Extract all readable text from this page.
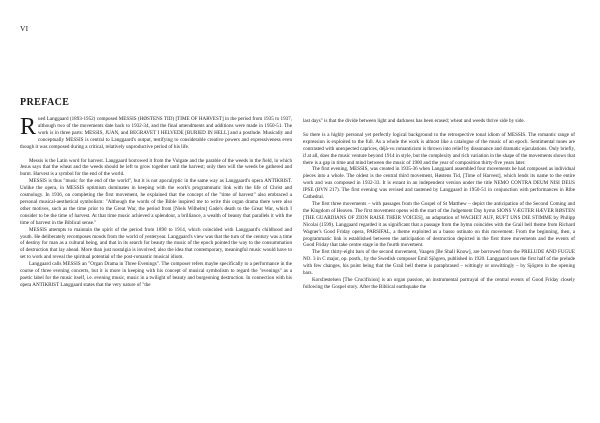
VI
PREFACE

Rued Langgaard (1893-1952) composed MESSIS (HØSTENS TID) [TIME OF HARVEST] in the period from 1935 to 1937, although two of the movements date back to 1932-34, and the final amendments and additions were made in 1950-51. The work is in three parts: MESSIS, JUAN, and BEGRAVET I HELVEDE [BURIED IN HELL] and a postlude. Musically and conceptually MESSIS is central to Langgaard's output, testifying to considerable creative powers and expressiveness even though it was composed during a critical, relatively unproductive period of his life.

Messis is the Latin word for harvest. Langgaard borrowed it from the Vulgate and the parable of the weeds in the field, in which Jesus says that the wheat and the weeds should be left to grow together until the harvest; only then will the weeds be gathered and burnt. Harvest is a symbol for the end of the world.

MESSIS is thus "music for the end of the world", but it is not apocalyptic in the same way as Langgaard's opera ANTIKRIST. Unlike the opera, in MESSIS optimism dominates in keeping with the work's programmatic link with the life of Christ and cosmology. In 1936, on completing the first movement, he explained that the concept of the "time of harvest" also embraced a personal musical-aesthetical symbolism: "Although the words of the Bible inspired me to write this organ drama there were also other motives, such as the time prior to the Great War, the period from [Niels Wilhelm] Gade's death to the Great War, which I consider to be the time of harvest. At that time music achieved a splendour, a brilliance, a wealth of beauty that parallels it with the time of harvest in the Biblical sense."

MESSIS attempts to maintain the spirit of the period from 1890 to 1914, which coincided with Langgaard's childhood and youth. He deliberately recomposes moods from the world of yesteryear. Langgaard's view was that the turn of the century was a time of destiny for man as a cultural being, and that in its search for beauty the music of the epoch pointed the way to the consummation of destruction that lay ahead. More than just nostalgia is involved; also the idea that contemporary, meaningful music would have to set to work and reveal the spiritual potential of the post-romantic musical idiom.

Langgaard calls MESSIS an "Organ Drama in Three Evenings". The composer refers maybe specifically to a performance in the course of three evening concerts, but it is more in keeping with his concept of musical symbolism to regard the "evenings" as a poetic label for the music itself, i.e. evening music, music in a twilight of beauty and burgeoning destruction. In connection with his opera ANTIKRIST Langgaard states that the very nature of "the

last days" is that the divide between light and darkness has been erased; wheat and weeds thrive side by side.

So there is a highly personal yet perfectly logical background to the retrospective tonal idiom of MESSIS. The romantic range of expression is exploited to the full. As a whole the work is almost like a catalogue of the music of an epoch. Sentimental tunes are contrasted with unexpected caprices, déjà-vu romanticism is thrown into relief by dissonance and dramatic ejaculations. Only briefly, if at all, does the music venture beyond 1914 in style, but the complexity and rich variation in the shape of the movements shows that there is a gap in time and mind between the music of 1900 and the year of composition thirty-five years later.

The first evening, MESSIS, was created in 1935-36 when Langgaard assembled four movements he had composed as individual pieces into a whole. The oldest is the central third movement, Høstens Tid, [Time of Harvest], which lends its name to the entire work and was composed in 1932-33. It is extant in an independent version under the title NEMO CONTRA DEUM NISI DEUS IPSE (BVN 217). The first evening was revised and tautened by Langgaard in 1950-51 in conjunction with performances in Ribe Cathedral.

The first three movements – with passages from the Gospel of St Matthew – depict the anticipation of the Second Coming and the Kingdom of Heaven. The first movement opens with the start of the Judgement Day hymn SIONS VÆGTER HÆVER RØSTEN [THE GUARDIANS OF ZION RAISE THEIR VOICES], an adaptation of WACHET AUF, RUFT UNS DIE STIMME by Philipp Nicolai (1599). Langgaard regarded it as significant that a passage from the hymn coincides with the Grail bell theme from Richard Wagner's Good Friday opera, PARSIFAL, a theme exploited as a basso ostinato on this movement. From the beginning, then, a programmatic link is established between the anticipation of destruction depicted in the first three movements and the events of Good Friday that take centre stage in the fourth movement.

The first thirty-eight bars of the second movement, Vaagen [Be Shall Know], are borrowed from the PRELUDE AND FUGUE NO. 3 in C major, op. posth., by the Swedish composer Emil Sjögren, published in 1920. Langgaard uses the first half of the prelude with few changes, his point being that the Grail bell theme is paraphrased – wittingly or unwittingly – by Sjögren in the opening bars.

Korsfæstelsen [The Crucifixion] is an organ passion, an instrumental portrayal of the central events of Good Friday closely following the Gospel story. After the Biblical earthquake the
